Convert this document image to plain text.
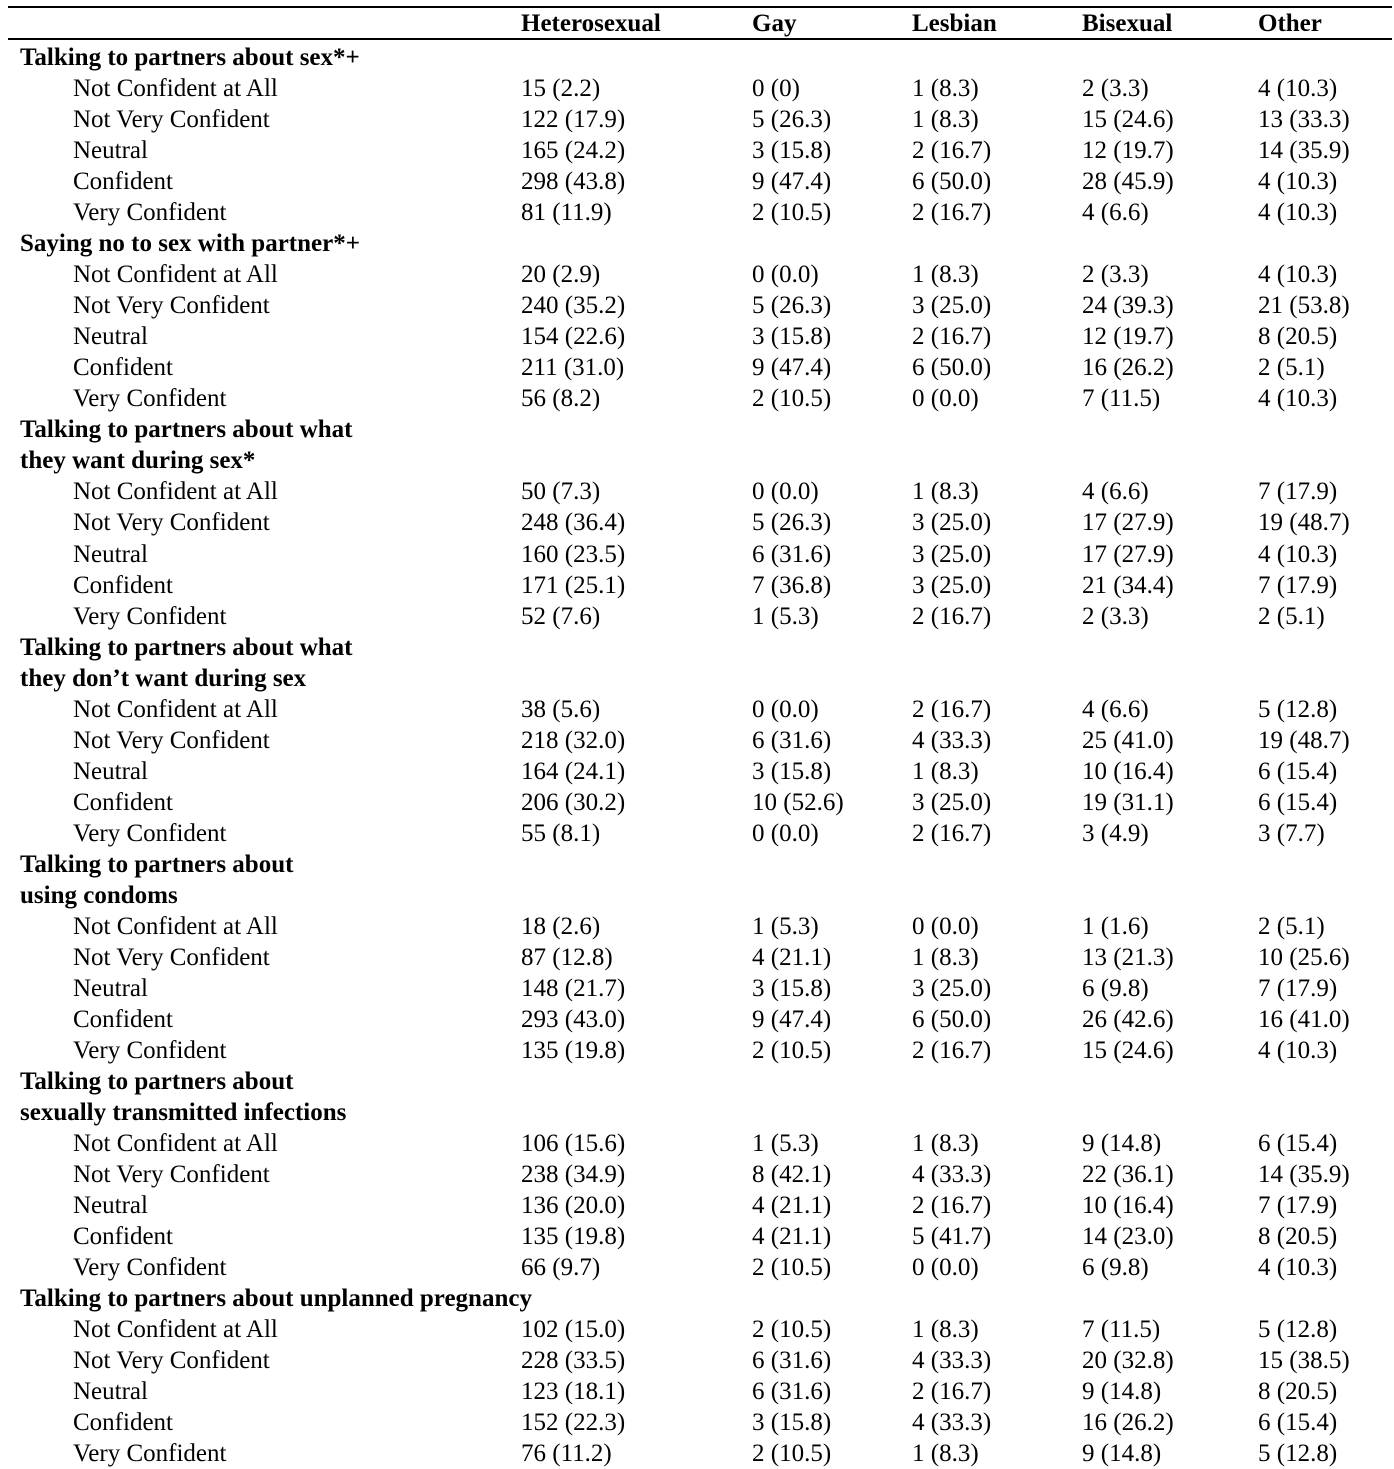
Heterosexual	Gay	Lesbian	Bisexual	Other
Talking to partners about sex*+
Not Confident at All	15 (2.2)	0 (0)	1 (8.3)	2 (3.3)	4 (10.3)
Not Very Confident	122 (17.9)	5 (26.3)	1 (8.3)	15 (24.6)	13 (33.3)
Neutral	165 (24.2)	3 (15.8)	2 (16.7)	12 (19.7)	14 (35.9)
Confident	298 (43.8)	9 (47.4)	6 (50.0)	28 (45.9)	4 (10.3)
Very Confident	81 (11.9)	2 (10.5)	2 (16.7)	4 (6.6)	4 (10.3)
Saying no to sex with partner*+
Not Confident at All	20 (2.9)	0 (0.0)	1 (8.3)	2 (3.3)	4 (10.3)
Not Very Confident	240 (35.2)	5 (26.3)	3 (25.0)	24 (39.3)	21 (53.8)
Neutral	154 (22.6)	3 (15.8)	2 (16.7)	12 (19.7)	8 (20.5)
Confident	211 (31.0)	9 (47.4)	6 (50.0)	16 (26.2)	2 (5.1)
Very Confident	56 (8.2)	2 (10.5)	0 (0.0)	7 (11.5)	4 (10.3)
Talking to partners about what
they want during sex*
Not Confident at All	50 (7.3)	0 (0.0)	1 (8.3)	4 (6.6)	7 (17.9)
Not Very Confident	248 (36.4)	5 (26.3)	3 (25.0)	17 (27.9)	19 (48.7)
Neutral	160 (23.5)	6 (31.6)	3 (25.0)	17 (27.9)	4 (10.3)
Confident	171 (25.1)	7 (36.8)	3 (25.0)	21 (34.4)	7 (17.9)
Very Confident	52 (7.6)	1 (5.3)	2 (16.7)	2 (3.3)	2 (5.1)
Talking to partners about what
they don’t want during sex
Not Confident at All	38 (5.6)	0 (0.0)	2 (16.7)	4 (6.6)	5 (12.8)
Not Very Confident	218 (32.0)	6 (31.6)	4 (33.3)	25 (41.0)	19 (48.7)
Neutral	164 (24.1)	3 (15.8)	1 (8.3)	10 (16.4)	6 (15.4)
Confident	206 (30.2)	10 (52.6)	3 (25.0)	19 (31.1)	6 (15.4)
Very Confident	55 (8.1)	0 (0.0)	2 (16.7)	3 (4.9)	3 (7.7)
Talking to partners about
using condoms
Not Confident at All	18 (2.6)	1 (5.3)	0 (0.0)	1 (1.6)	2 (5.1)
Not Very Confident	87 (12.8)	4 (21.1)	1 (8.3)	13 (21.3)	10 (25.6)
Neutral	148 (21.7)	3 (15.8)	3 (25.0)	6 (9.8)	7 (17.9)
Confident	293 (43.0)	9 (47.4)	6 (50.0)	26 (42.6)	16 (41.0)
Very Confident	135 (19.8)	2 (10.5)	2 (16.7)	15 (24.6)	4 (10.3)
Talking to partners about
sexually transmitted infections
Not Confident at All	106 (15.6)	1 (5.3)	1 (8.3)	9 (14.8)	6 (15.4)
Not Very Confident	238 (34.9)	8 (42.1)	4 (33.3)	22 (36.1)	14 (35.9)
Neutral	136 (20.0)	4 (21.1)	2 (16.7)	10 (16.4)	7 (17.9)
Confident	135 (19.8)	4 (21.1)	5 (41.7)	14 (23.0)	8 (20.5)
Very Confident	66 (9.7)	2 (10.5)	0 (0.0)	6 (9.8)	4 (10.3)
Talking to partners about unplanned pregnancy
Not Confident at All	102 (15.0)	2 (10.5)	1 (8.3)	7 (11.5)	5 (12.8)
Not Very Confident	228 (33.5)	6 (31.6)	4 (33.3)	20 (32.8)	15 (38.5)
Neutral	123 (18.1)	6 (31.6)	2 (16.7)	9 (14.8)	8 (20.5)
Confident	152 (22.3)	3 (15.8)	4 (33.3)	16 (26.2)	6 (15.4)
Very Confident	76 (11.2)	2 (10.5)	1 (8.3)	9 (14.8)	5 (12.8)
